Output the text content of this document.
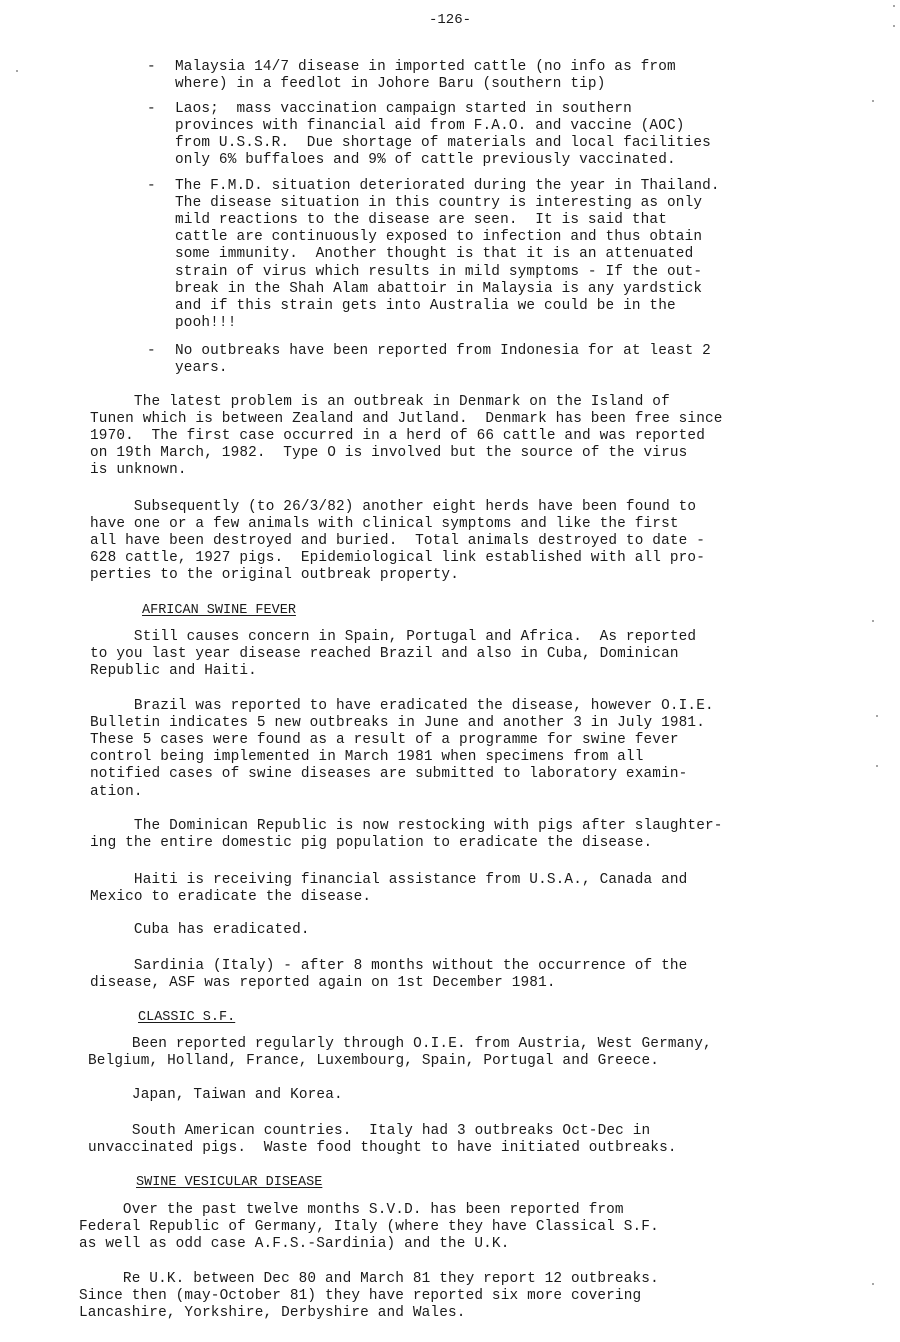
-126-
- Malaysia 14/7 disease in imported cattle (no info as from
where) in a feedlot in Johore Baru (southern tip)
- Laos;  mass vaccination campaign started in southern
provinces with financial aid from F.A.O. and vaccine (AOC)
from U.S.S.R.  Due shortage of materials and local facilities
only 6% buffaloes and 9% of cattle previously vaccinated.
- The F.M.D. situation deteriorated during the year in Thailand.
The disease situation in this country is interesting as only
mild reactions to the disease are seen.  It is said that
cattle are continuously exposed to infection and thus obtain
some immunity.  Another thought is that it is an attenuated
strain of virus which results in mild symptoms - If the out-
break in the Shah Alam abattoir in Malaysia is any yardstick
and if this strain gets into Australia we could be in the
pooh!!!
- No outbreaks have been reported from Indonesia for at least 2
years.
The latest problem is an outbreak in Denmark on the Island of
Tunen which is between Zealand and Jutland.  Denmark has been free since
1970.  The first case occurred in a herd of 66 cattle and was reported
on 19th March, 1982.  Type O is involved but the source of the virus
is unknown.
Subsequently (to 26/3/82) another eight herds have been found to
have one or a few animals with clinical symptoms and like the first
all have been destroyed and buried.  Total animals destroyed to date -
628 cattle, 1927 pigs.  Epidemiological link established with all pro-
perties to the original outbreak property.
Still causes concern in Spain, Portugal and Africa.  As reported
to you last year disease reached Brazil and also in Cuba, Dominican
Republic and Haiti.
Brazil was reported to have eradicated the disease, however O.I.E.
Bulletin indicates 5 new outbreaks in June and another 3 in July 1981.
These 5 cases were found as a result of a programme for swine fever
control being implemented in March 1981 when specimens from all
notified cases of swine diseases are submitted to laboratory examin-
ation.
The Dominican Republic is now restocking with pigs after slaughter-
ing the entire domestic pig population to eradicate the disease.
Haiti is receiving financial assistance from U.S.A., Canada and
Mexico to eradicate the disease.
Cuba has eradicated.
Sardinia (Italy) - after 8 months without the occurrence of the
disease, ASF was reported again on 1st December 1981.
Been reported regularly through O.I.E. from Austria, West Germany,
Belgium, Holland, France, Luxembourg, Spain, Portugal and Greece.
Japan, Taiwan and Korea.
South American countries.  Italy had 3 outbreaks Oct-Dec in
unvaccinated pigs.  Waste food thought to have initiated outbreaks.
Over the past twelve months S.V.D. has been reported from
Federal Republic of Germany, Italy (where they have Classical S.F.
as well as odd case A.F.S.-Sardinia) and the U.K.
Re U.K. between Dec 80 and March 81 they report 12 outbreaks.
Since then (may-October 81) they have reported six more covering
Lancashire, Yorkshire, Derbyshire and Wales.
AFRICAN SWINE FEVER
CLASSIC S.F.
SWINE VESICULAR DISEASE
